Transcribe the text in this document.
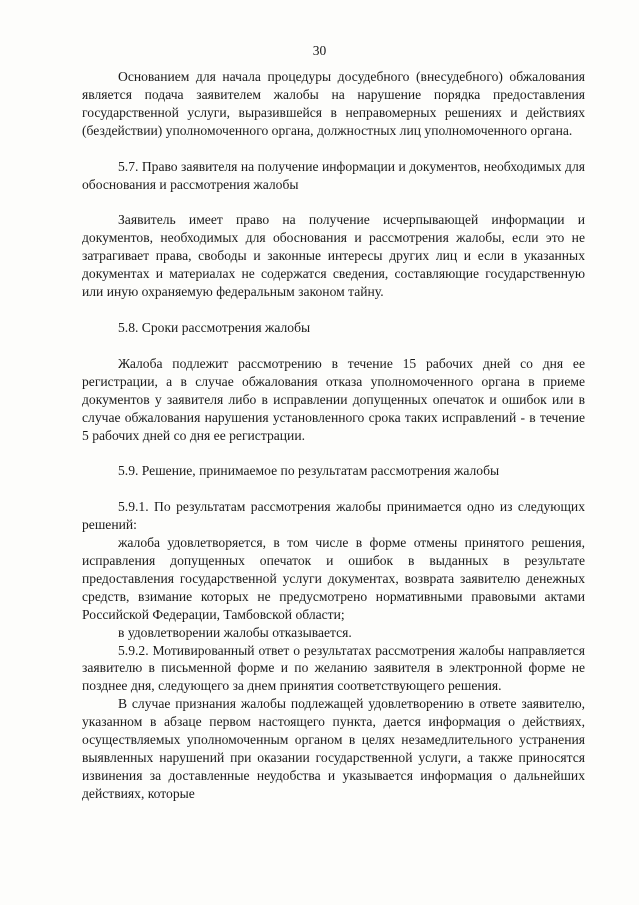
30

Основанием для начала процедуры досудебного (внесудебного) обжалования является подача заявителем жалобы на нарушение порядка предоставления государственной услуги, выразившейся в неправомерных решениях и действиях (бездействии) уполномоченного органа, должностных лиц уполномоченного органа.

5.7. Право заявителя на получение информации и документов, необходимых для обоснования и рассмотрения жалобы

Заявитель имеет право на получение исчерпывающей информации и документов, необходимых для обоснования и рассмотрения жалобы, если это не затрагивает права, свободы и законные интересы других лиц и если в указанных документах и материалах не содержатся сведения, составляющие государственную или иную охраняемую федеральным законом тайну.

5.8. Сроки рассмотрения жалобы

Жалоба подлежит рассмотрению в течение 15 рабочих дней со дня ее регистрации, а в случае обжалования отказа уполномоченного органа в приеме документов у заявителя либо в исправлении допущенных опечаток и ошибок или в случае обжалования нарушения установленного срока таких исправлений - в течение 5 рабочих дней со дня ее регистрации.

5.9. Решение, принимаемое по результатам рассмотрения жалобы

5.9.1. По результатам рассмотрения жалобы принимается одно из следующих решений:

жалоба удовлетворяется, в том числе в форме отмены принятого решения, исправления допущенных опечаток и ошибок в выданных в результате предоставления государственной услуги документах, возврата заявителю денежных средств, взимание которых не предусмотрено нормативными правовыми актами Российской Федерации, Тамбовской области;

в удовлетворении жалобы отказывается.

5.9.2. Мотивированный ответ о результатах рассмотрения жалобы направляется заявителю в письменной форме и по желанию заявителя в электронной форме не позднее дня, следующего за днем принятия соответствующего решения.

В случае признания жалобы подлежащей удовлетворению в ответе заявителю, указанном в абзаце первом настоящего пункта, дается информация о действиях, осуществляемых уполномоченным органом в целях незамедлительного устранения выявленных нарушений при оказании государственной услуги, а также приносятся извинения за доставленные неудобства и указывается информация о дальнейших действиях, которые
